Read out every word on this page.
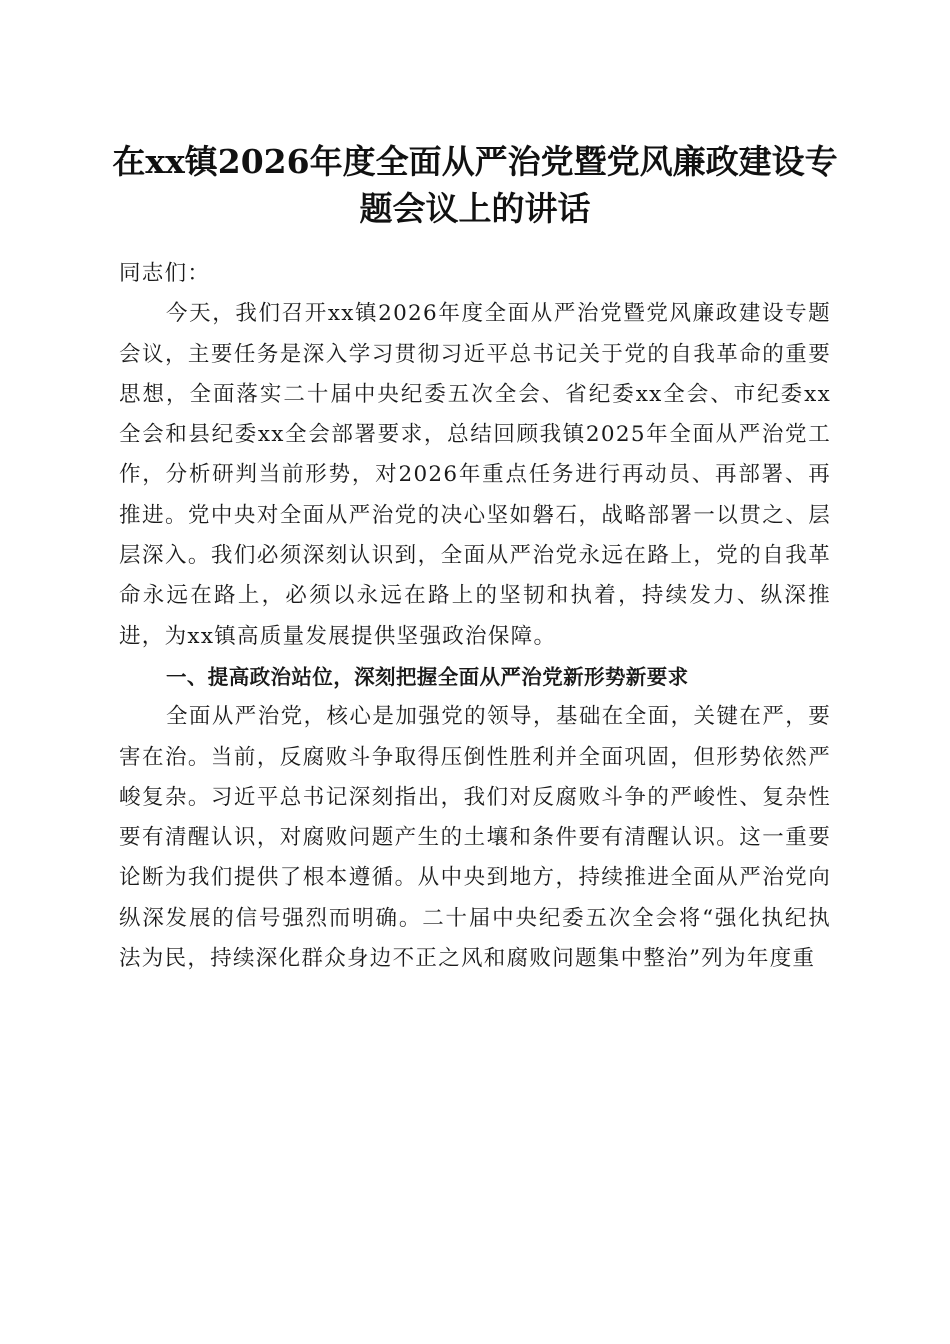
在xx镇2026年度全面从严治党暨党风廉政建设专题会议上的讲话

同志们：

今天，我们召开xx镇2026年度全面从严治党暨党风廉政建设专题会议，主要任务是深入学习贯彻习近平总书记关于党的自我革命的重要思想，全面落实二十届中央纪委五次全会、省纪委xx全会、市纪委xx全会和县纪委xx全会部署要求，总结回顾我镇2025年全面从严治党工作，分析研判当前形势，对2026年重点任务进行再动员、再部署、再推进。党中央对全面从严治党的决心坚如磐石，战略部署一以贯之、层层深入。我们必须深刻认识到，全面从严治党永远在路上，党的自我革命永远在路上，必须以永远在路上的坚韧和执着，持续发力、纵深推进，为xx镇高质量发展提供坚强政治保障。

一、提高政治站位，深刻把握全面从严治党新形势新要求

全面从严治党，核心是加强党的领导，基础在全面，关键在严，要害在治。当前，反腐败斗争取得压倒性胜利并全面巩固，但形势依然严峻复杂。习近平总书记深刻指出，我们对反腐败斗争的严峻性、复杂性要有清醒认识，对腐败问题产生的土壤和条件要有清醒认识。这一重要论断为我们提供了根本遵循。从中央到地方，持续推进全面从严治党向纵深发展的信号强烈而明确。二十届中央纪委五次全会将“强化执纪执法为民，持续深化群众身边不正之风和腐败问题集中整治”列为年度重
